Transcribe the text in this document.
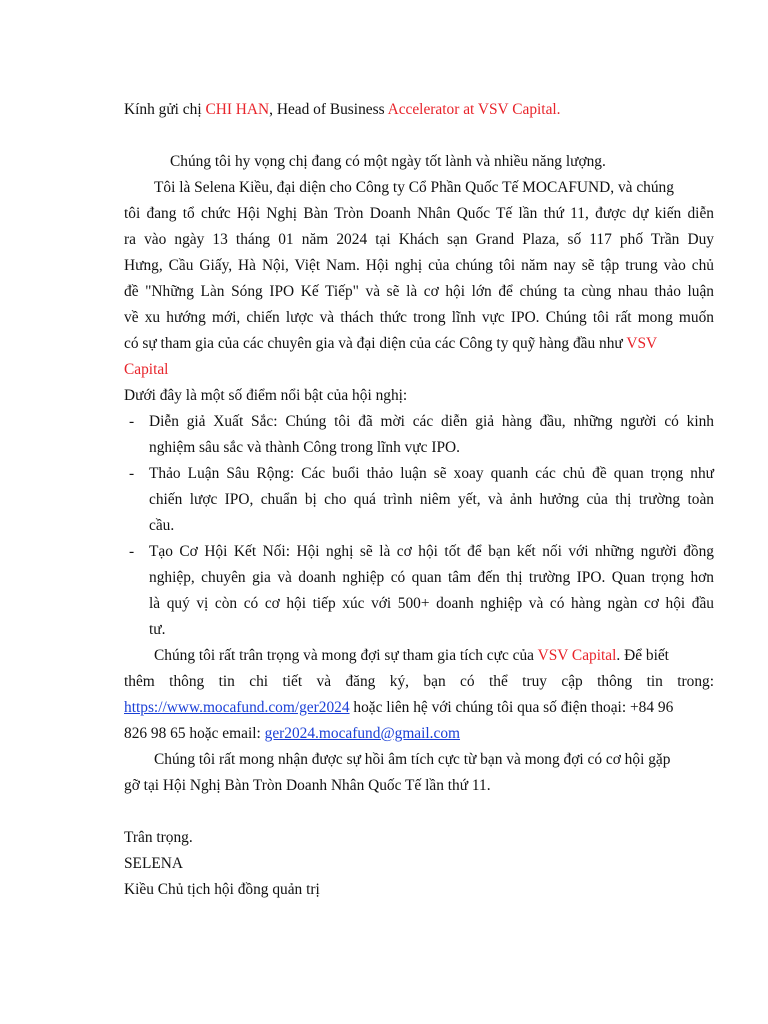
Kính gửi chị CHI HAN, Head of Business Accelerator at VSV Capital.
Chúng tôi hy vọng chị đang có một ngày tốt lành và nhiều năng lượng.
Tôi là Selena Kiều, đại diện cho Công ty Cổ Phần Quốc Tế MOCAFUND, và chúng
tôi đang tổ chức Hội Nghị Bàn Tròn Doanh Nhân Quốc Tế lần thứ 11, được dự kiến diễn
ra vào ngày 13 tháng 01 năm 2024 tại Khách sạn Grand Plaza, số 117 phố Trần Duy
Hưng, Cầu Giấy, Hà Nội, Việt Nam. Hội nghị của chúng tôi năm nay sẽ tập trung vào chủ
đề "Những Làn Sóng IPO Kế Tiếp" và sẽ là cơ hội lớn để chúng ta cùng nhau thảo luận
về xu hướng mới, chiến lược và thách thức trong lĩnh vực IPO. Chúng tôi rất mong muốn
có sự tham gia của các chuyên gia và đại diện của các Công ty quỹ hàng đầu như VSV
Capital
Dưới đây là một số điểm nổi bật của hội nghị:
- Diễn giả Xuất Sắc: Chúng tôi đã mời các diễn giả hàng đầu, những người có kinh
nghiệm sâu sắc và thành Công trong lĩnh vực IPO.
- Thảo Luận Sâu Rộng: Các buổi thảo luận sẽ xoay quanh các chủ đề quan trọng như
chiến lược IPO, chuẩn bị cho quá trình niêm yết, và ảnh hưởng của thị trường toàn
cầu.
- Tạo Cơ Hội Kết Nối: Hội nghị sẽ là cơ hội tốt để bạn kết nối với những người đồng
nghiệp, chuyên gia và doanh nghiệp có quan tâm đến thị trường IPO. Quan trọng hơn
là quý vị còn có cơ hội tiếp xúc với 500+ doanh nghiệp và có hàng ngàn cơ hội đầu
tư.
Chúng tôi rất trân trọng và mong đợi sự tham gia tích cực của VSV Capital. Để biết
thêm thông tin chi tiết và đăng ký, bạn có thể truy cập thông tin trong:
https://www.mocafund.com/ger2024 hoặc liên hệ với chúng tôi qua số điện thoại: +84 96
826 98 65 hoặc email: ger2024.mocafund@gmail.com
Chúng tôi rất mong nhận được sự hồi âm tích cực từ bạn và mong đợi có cơ hội gặp
gỡ tại Hội Nghị Bàn Tròn Doanh Nhân Quốc Tế lần thứ 11.
Trân trọng.
SELENA
Kiều Chủ tịch hội đồng quản trị
